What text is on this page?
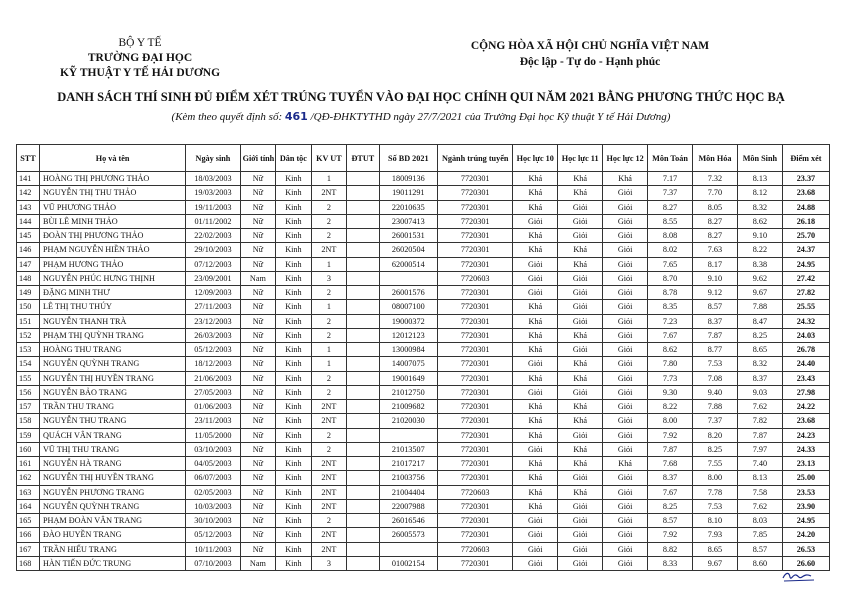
BỘ Y TẾ
TRƯỜNG ĐẠI HỌC
KỸ THUẬT Y TẾ HẢI DƯƠNG
CỘNG HÒA XÃ HỘI CHỦ NGHĨA VIỆT NAM
Độc lập - Tự do - Hạnh phúc
DANH SÁCH THÍ SINH ĐỦ ĐIỂM XÉT TRÚNG TUYỂN VÀO ĐẠI HỌC CHÍNH QUI NĂM 2021 BẰNG PHƯƠNG THỨC HỌC BẠ
(Kèm theo quyết định số: 461 /QĐ-ĐHKTYTHD ngày 27/7/2021 của Trường Đại học Kỹ thuật Y tế Hải Dương)
STT	Họ và tên	Ngày sinh	Giới tính	Dân tộc	KV UT	ĐTUT	Số BD 2021	Ngành trúng tuyển	Học lực 10	Học lực 11	Học lực 12	Môn Toán	Môn Hóa	Môn Sinh	Điểm xét
141	HOÀNG THỊ PHƯƠNG THẢO	18/03/2003	Nữ	Kinh	1		18009136	7720301	Khá	Khá	Khá	7.17	7.32	8.13	23.37
142	NGUYỄN THỊ THU THẢO	19/03/2003	Nữ	Kinh	2NT		19011291	7720301	Khá	Khá	Giỏi	7.37	7.70	8.12	23.68
143	VŨ PHƯƠNG THẢO	19/11/2003	Nữ	Kinh	2		22010635	7720301	Khá	Giỏi	Giỏi	8.27	8.05	8.32	24.88
144	BÙI LÊ MINH THẢO	01/11/2002	Nữ	Kinh	2		23007413	7720301	Giỏi	Giỏi	Giỏi	8.55	8.27	8.62	26.18
145	ĐOÀN THỊ PHƯƠNG THẢO	22/02/2003	Nữ	Kinh	2		26001531	7720301	Khá	Giỏi	Giỏi	8.08	8.27	9.10	25.70
146	PHẠM NGUYỄN HIỀN THẢO	29/10/2003	Nữ	Kinh	2NT		26020504	7720301	Khá	Khá	Giỏi	8.02	7.63	8.22	24.37
147	PHẠM HƯƠNG THẢO	07/12/2003	Nữ	Kinh	1		62000514	7720301	Giỏi	Khá	Giỏi	7.65	8.17	8.38	24.95
148	NGUYỄN PHÚC HƯNG THỊNH	23/09/2001	Nam	Kinh	3			7720603	Giỏi	Giỏi	Giỏi	8.70	9.10	9.62	27.42
149	ĐẶNG MINH THƯ	12/09/2003	Nữ	Kinh	2		26001576	7720301	Giỏi	Giỏi	Giỏi	8.78	9.12	9.67	27.82
150	LÊ THỊ THU THÚY	27/11/2003	Nữ	Kinh	1		08007100	7720301	Khá	Giỏi	Giỏi	8.35	8.57	7.88	25.55
151	NGUYỄN THANH TRÀ	23/12/2003	Nữ	Kinh	2		19000372	7720301	Khá	Giỏi	Giỏi	7.23	8.37	8.47	24.32
152	PHẠM THỊ QUỲNH TRANG	26/03/2003	Nữ	Kinh	2		12012123	7720301	Khá	Khá	Giỏi	7.67	7.87	8.25	24.03
153	HOÀNG THU TRANG	05/12/2003	Nữ	Kinh	1		13000984	7720301	Khá	Giỏi	Giỏi	8.62	8.77	8.65	26.78
154	NGUYỄN QUỲNH TRANG	18/12/2003	Nữ	Kinh	1		14007075	7720301	Giỏi	Khá	Giỏi	7.80	7.53	8.32	24.40
155	NGUYỄN THỊ HUYỀN TRANG	21/06/2003	Nữ	Kinh	2		19001649	7720301	Khá	Khá	Giỏi	7.73	7.08	8.37	23.43
156	NGUYỄN BẢO TRANG	27/05/2003	Nữ	Kinh	2		21012750	7720301	Giỏi	Giỏi	Giỏi	9.30	9.40	9.03	27.98
157	TRẦN THU TRANG	01/06/2003	Nữ	Kinh	2NT		21009682	7720301	Khá	Khá	Giỏi	8.22	7.88	7.62	24.22
158	NGUYỄN THU TRANG	23/11/2003	Nữ	Kinh	2NT		21020030	7720301	Khá	Khá	Giỏi	8.00	7.37	7.82	23.68
159	QUÁCH VÂN TRANG	11/05/2000	Nữ	Kinh	2			7720301	Khá	Giỏi	Giỏi	7.92	8.20	7.87	24.23
160	VŨ THỊ THU TRANG	03/10/2003	Nữ	Kinh	2		21013507	7720301	Giỏi	Khá	Giỏi	7.87	8.25	7.97	24.33
161	NGUYỄN HÀ TRANG	04/05/2003	Nữ	Kinh	2NT		21017217	7720301	Khá	Khá	Khá	7.68	7.55	7.40	23.13
162	NGUYỄN THỊ HUYỀN TRANG	06/07/2003	Nữ	Kinh	2NT		21003756	7720301	Khá	Giỏi	Giỏi	8.37	8.00	8.13	25.00
163	NGUYỄN PHƯƠNG TRANG	02/05/2003	Nữ	Kinh	2NT		21004404	7720603	Khá	Khá	Giỏi	7.67	7.78	7.58	23.53
164	NGUYỄN QUỲNH TRANG	10/03/2003	Nữ	Kinh	2NT		22007988	7720301	Khá	Giỏi	Giỏi	8.25	7.53	7.62	23.90
165	PHẠM ĐOÀN VÂN TRANG	30/10/2003	Nữ	Kinh	2		26016546	7720301	Giỏi	Giỏi	Giỏi	8.57	8.10	8.03	24.95
166	ĐÀO HUYỀN TRANG	05/12/2003	Nữ	Kinh	2NT		26005573	7720301	Giỏi	Giỏi	Giỏi	7.92	7.93	7.85	24.20
167	TRẦN HIẾU TRANG	10/11/2003	Nữ	Kinh	2NT			7720603	Giỏi	Giỏi	Giỏi	8.82	8.65	8.57	26.53
168	HÀN TIẾN ĐỨC TRUNG	07/10/2003	Nam	Kinh	3		01002154	7720301	Giỏi	Giỏi	Giỏi	8.33	9.67	8.60	26.60
